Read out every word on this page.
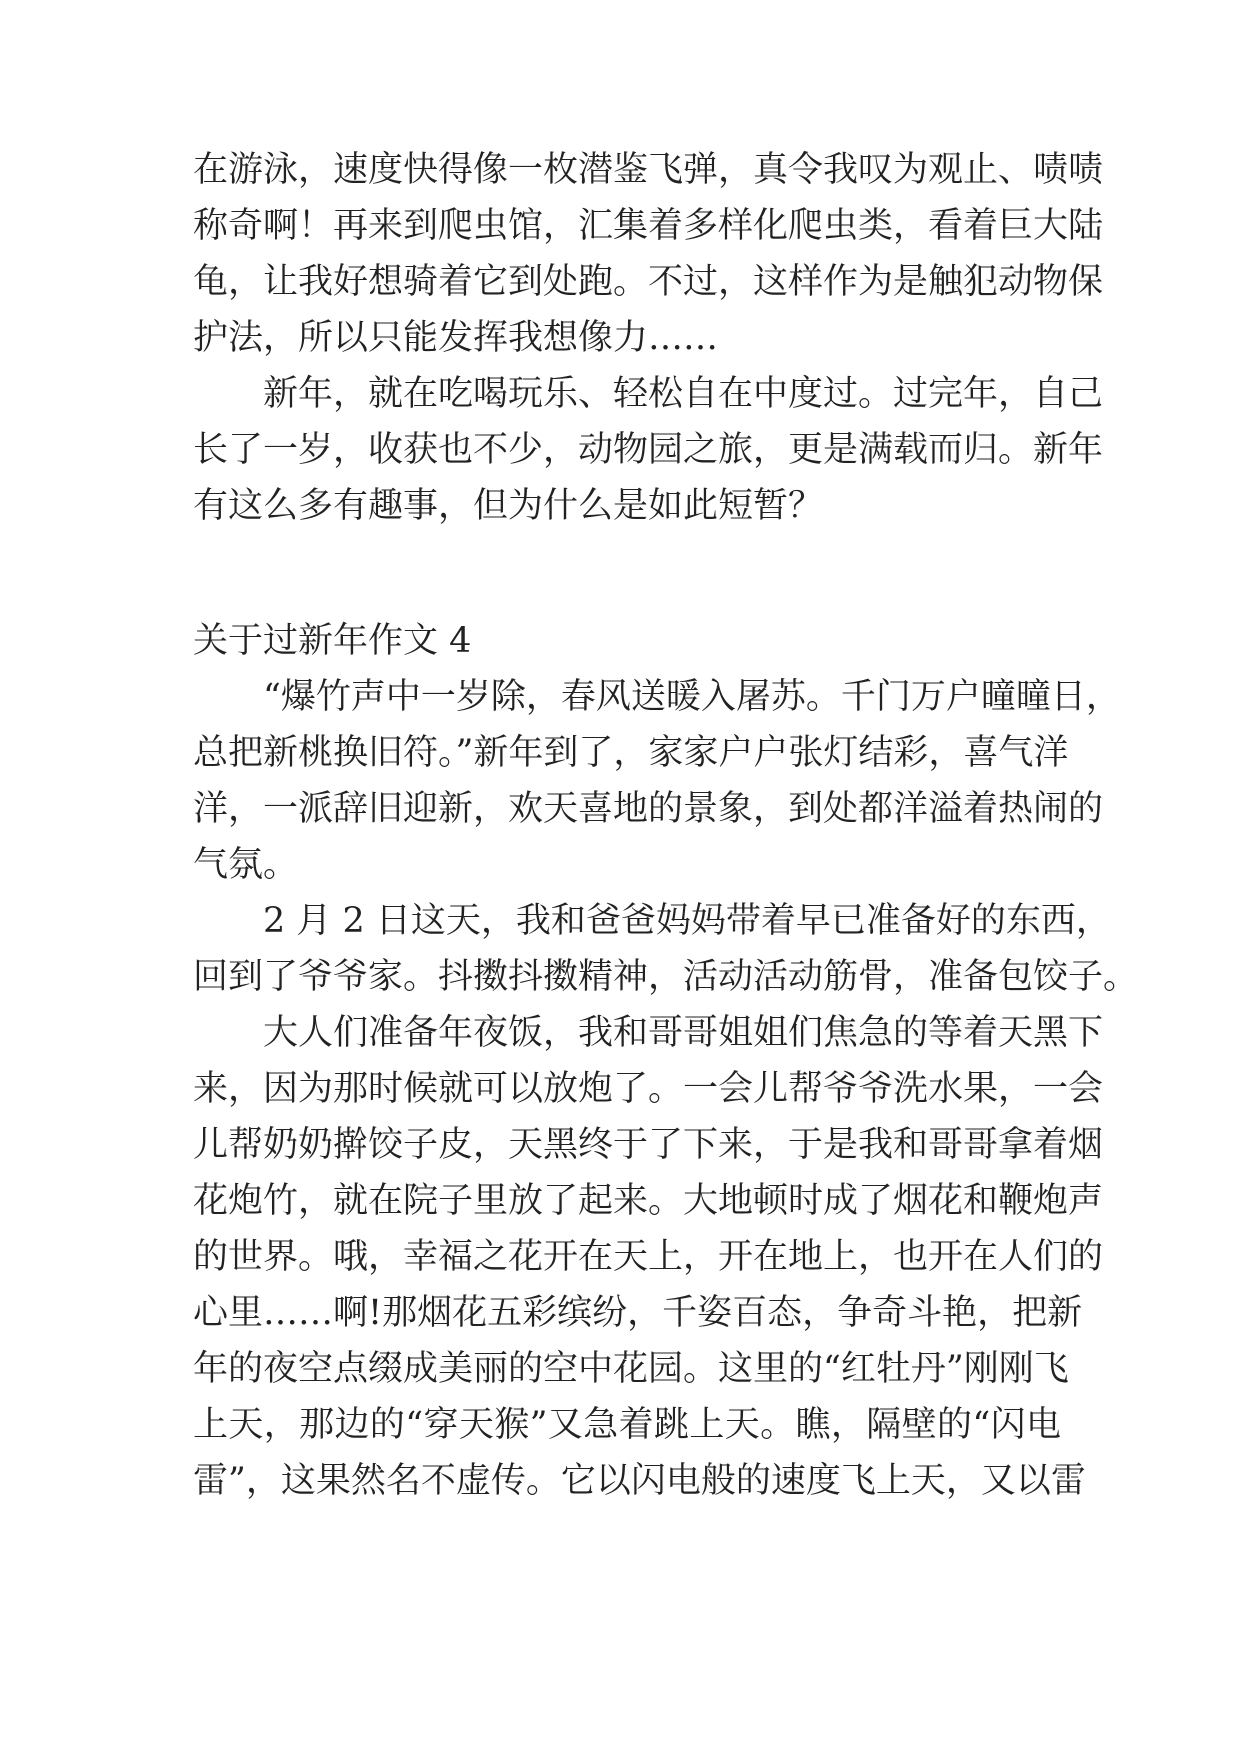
在游泳，速度快得像一枚潜鉴飞弹，真令我叹为观止、啧啧
称奇啊！再来到爬虫馆，汇集着多样化爬虫类，看着巨大陆
龟，让我好想骑着它到处跑。不过，这样作为是触犯动物保
护法，所以只能发挥我想像力……
　　新年，就在吃喝玩乐、轻松自在中度过。过完年，自己
长了一岁，收获也不少，动物园之旅，更是满载而归。新年
有这么多有趣事，但为什么是如此短暂？
关于过新年作文 4
　　“爆竹声中一岁除，春风送暖入屠苏。千门万户曈曈日，
总把新桃换旧符。”新年到了，家家户户张灯结彩，喜气洋
洋，一派辞旧迎新，欢天喜地的景象，到处都洋溢着热闹的
气氛。
　　2 月 2 日这天，我和爸爸妈妈带着早已准备好的东西，
回到了爷爷家。抖擞抖擞精神，活动活动筋骨，准备包饺子。
　　大人们准备年夜饭，我和哥哥姐姐们焦急的等着天黑下
来，因为那时候就可以放炮了。一会儿帮爷爷洗水果，一会
儿帮奶奶擀饺子皮，天黑终于了下来，于是我和哥哥拿着烟
花炮竹，就在院子里放了起来。大地顿时成了烟花和鞭炮声
的世界。哦，幸福之花开在天上，开在地上，也开在人们的
心里……啊!那烟花五彩缤纷，千姿百态，争奇斗艳，把新
年的夜空点缀成美丽的空中花园。这里的“红牡丹”刚刚飞
上天，那边的“穿天猴”又急着跳上天。瞧，隔壁的“闪电
雷”，这果然名不虚传。它以闪电般的速度飞上天，又以雷
